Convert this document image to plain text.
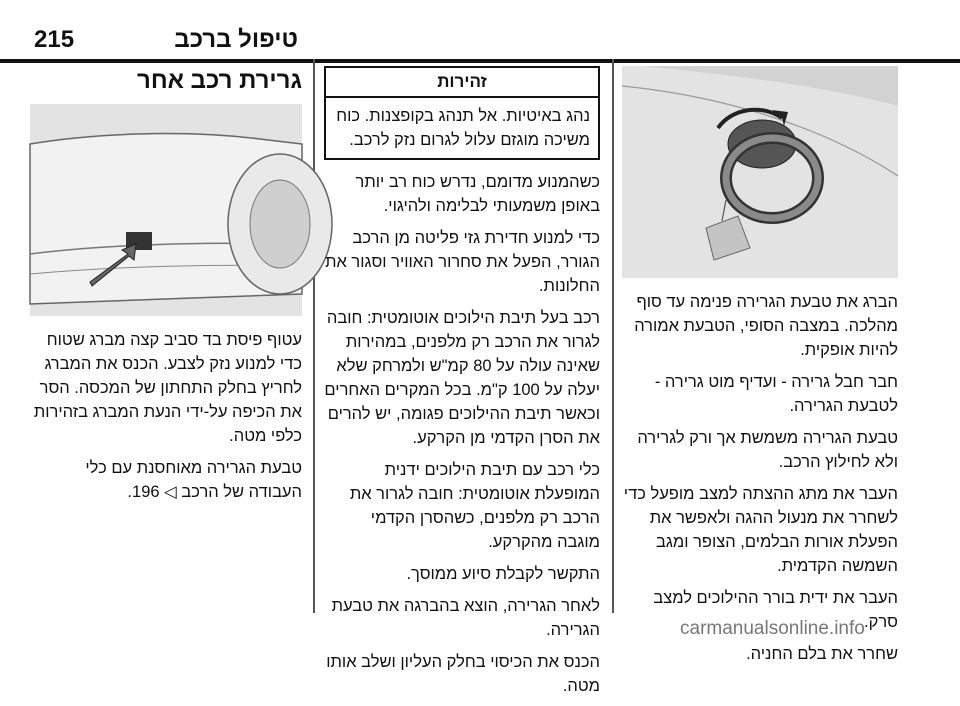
215	טיפול ברכב
גרירת רכב אחר

עטוף פיסת בד סביב קצה מברג שטוח כדי למנוע נזק לצבע. הכנס את המברג לחריץ בחלק התחתון של המכסה. הסר את הכיפה על-ידי הנעת המברג בזהירות כלפי מטה.

טבעת הגרירה מאוחסנת עם כלי העבודה של הרכב ◁ 196.

זהירות
נהג באיטיות. אל תנהג בקופצנות. כוח משיכה מוגזם עלול לגרום נזק לרכב.

כשהמנוע מדומם, נדרש כוח רב יותר באופן משמעותי לבלימה ולהיגוי.

כדי למנוע חדירת גזי פליטה מן הרכב הגורר, הפעל את סחרור האוויר וסגור את החלונות.

רכב בעל תיבת הילוכים אוטומטית: חובה לגרור את הרכב רק מלפנים, במהירות שאינה עולה על 80 קמ"ש ולמרחק שלא יעלה על 100 ק"מ. בכל המקרים האחרים וכאשר תיבת ההילוכים פגומה, יש להרים את הסרן הקדמי מן הקרקע.

כלי רכב עם תיבת הילוכים ידנית המופעלת אוטומטית: חובה לגרור את הרכב רק מלפנים, כשהסרן הקדמי מוגבה מהקרקע.

התקשר לקבלת סיוע ממוסך.

לאחר הגרירה, הוצא בהברגה את טבעת הגרירה.

הכנס את הכיסוי בחלק העליון ושלב אותו מטה.

הברג את טבעת הגרירה פנימה עד סוף מהלכה. במצבה הסופי, הטבעת אמורה להיות אופקית.

חבר חבל גרירה - ועדיף מוט גרירה - לטבעת הגרירה.

טבעת הגרירה משמשת אך ורק לגרירה ולא לחילוץ הרכב.

העבר את מתג ההצתה למצב מופעל כדי לשחרר את מנעול ההגה ולאפשר את הפעלת אורות הבלמים, הצופר ומגב השמשה הקדמית.

העבר את ידית בורר ההילוכים למצב סרק.

שחרר את בלם החניה.

carmanualsonline.info
